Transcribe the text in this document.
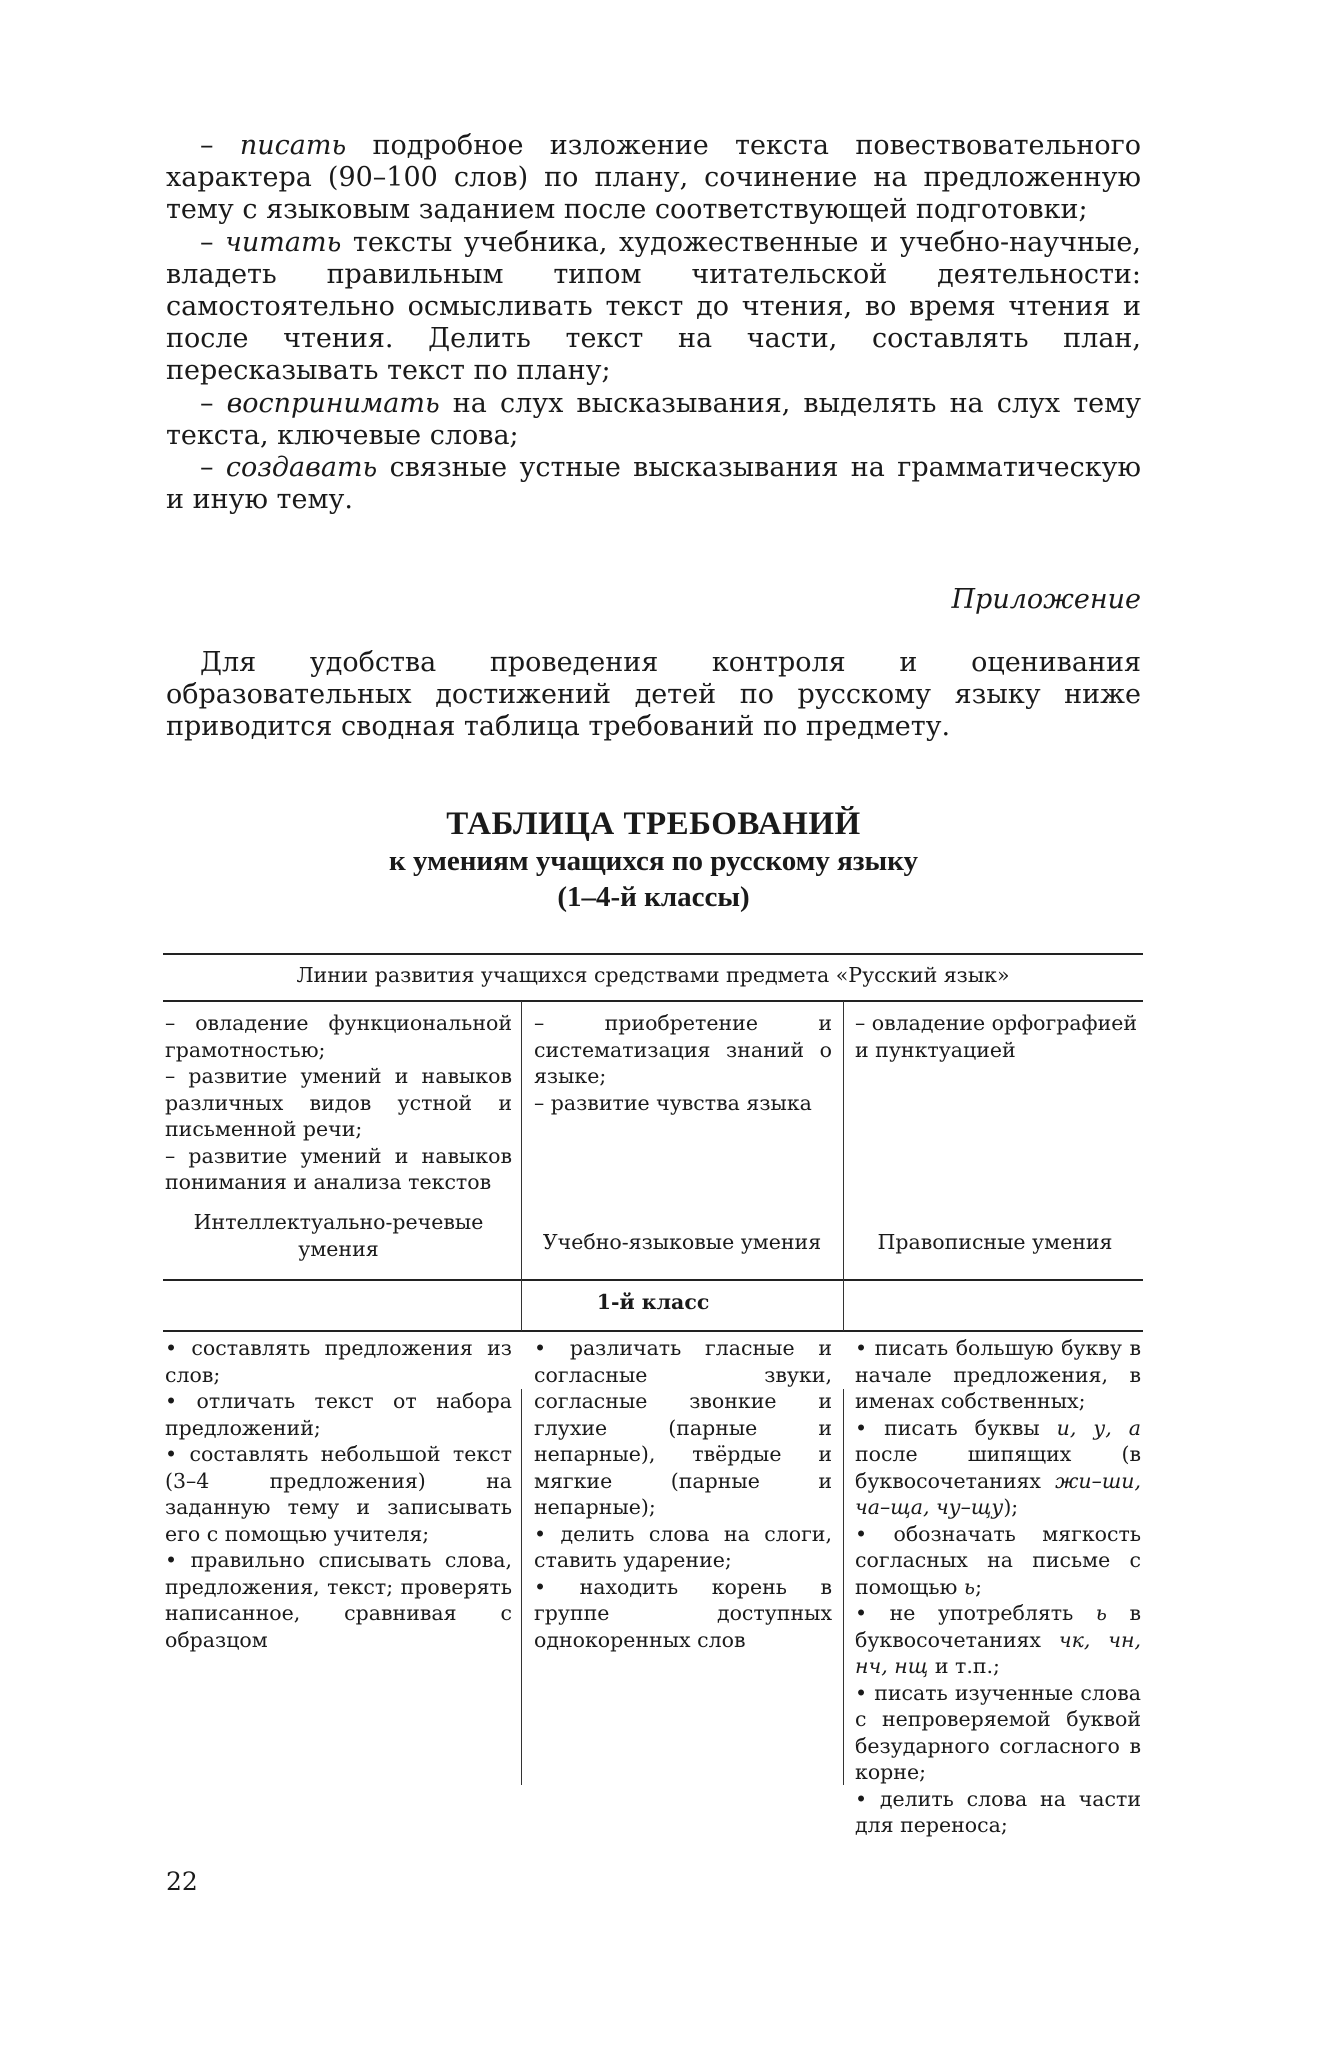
– писать подробное изложение текста повествовательного характера (90–100 слов) по плану, сочинение на предложенную тему с языковым заданием после соответствующей подготовки;

– читать тексты учебника, художественные и учебно-научные, владеть правильным типом читательской деятельности: самостоятельно осмысливать текст до чтения, во время чтения и после чтения. Делить текст на части, составлять план, пересказывать текст по плану;

– воспринимать на слух высказывания, выделять на слух тему текста, ключевые слова;

– создавать связные устные высказывания на грамматическую и иную тему.

Приложение

Для удобства проведения контроля и оценивания образовательных достижений детей по русскому языку ниже приводится сводная таблица требований по предмету.

ТАБЛИЦА ТРЕБОВАНИЙ
к умениям учащихся по русскому языку
(1–4-й классы)
Линии развития учащихся средствами предмета «Русский язык»

– овладение функциональной грамотностью;

– развитие умений и навыков различных видов устной и письменной речи;

– развитие умений и навыков понимания и анализа текстов

– приобретение и систематизация знаний о языке;

– развитие чувства языка

– овладение орфографией и пунктуацией

Интеллектуально-речевые умения	Учебно-языковые умения	Правописные умения
1-й класс

• составлять предложения из слов;

• отличать текст от набора предложений;

• составлять небольшой текст (3–4 предложения) на заданную тему и записывать его с помощью учителя;

• правильно списывать слова, предложения, текст; проверять написанное, сравнивая с образцом

• различать гласные и согласные звуки, согласные звонкие и глухие (парные и непарные), твёрдые и мягкие (парные и непарные);

• делить слова на слоги, ставить ударение;

• находить корень в группе доступных однокоренных слов

• писать большую букву в начале предложения, в именах собственных;

• писать буквы и, у, а после шипящих (в буквосочетаниях жи–ши, ча–ща, чу–щу);

• обозначать мягкость согласных на письме с помощью ь;

• не употреблять ь в буквосочетаниях чк, чн, нч, нщ и т.п.;

• писать изученные слова с непроверяемой буквой безударного согласного в корне;

• делить слова на части для переноса;

22
